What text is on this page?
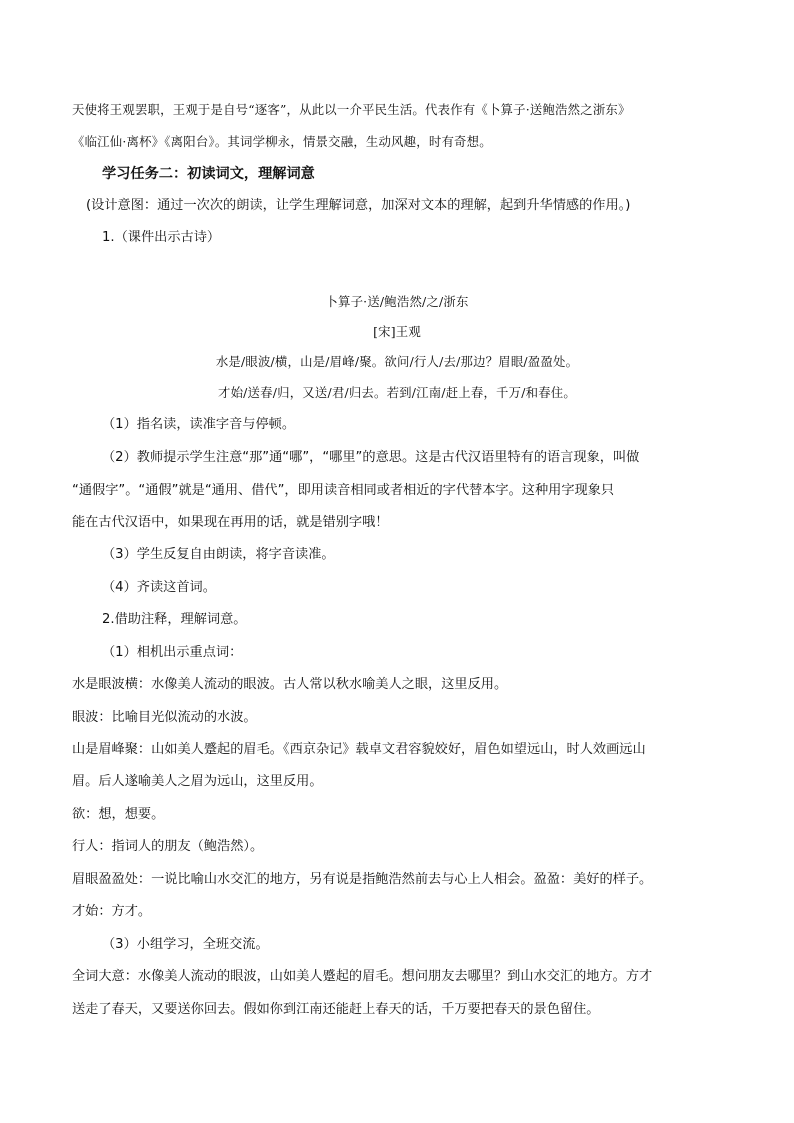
天使将王观罢职，王观于是自号“逐客”，从此以一介平民生活。代表作有《卜算子·送鲍浩然之浙东》
《临江仙·离杯》《离阳台》。其词学柳永，情景交融，生动风趣，时有奇想。
学习任务二：初读词文，理解词意
(设计意图：通过一次次的朗读，让学生理解词意，加深对文本的理解，起到升华情感的作用。)
1.（课件出示古诗）
卜算子·送/鲍浩然/之/浙东
[宋]王观
水是/眼波/横，山是/眉峰/聚。欲问/行人/去/那边？眉眼/盈盈处。
才始/送春/归，又送/君/归去。若到/江南/赶上春，千万/和春住。
（1）指名读，读准字音与停顿。
（2）教师提示学生注意“那”通“哪”，“哪里”的意思。这是古代汉语里特有的语言现象，叫做
“通假字”。“通假”就是“通用、借代”，即用读音相同或者相近的字代替本字。这种用字现象只
能在古代汉语中，如果现在再用的话，就是错别字哦！
（3）学生反复自由朗读，将字音读准。
（4）齐读这首词。
2.借助注释，理解词意。
（1）相机出示重点词：
水是眼波横：水像美人流动的眼波。古人常以秋水喻美人之眼，这里反用。
眼波：比喻目光似流动的水波。
山是眉峰聚：山如美人蹙起的眉毛。《西京杂记》载卓文君容貌姣好，眉色如望远山，时人效画远山
眉。后人遂喻美人之眉为远山，这里反用。
欲：想，想要。
行人：指词人的朋友（鲍浩然）。
眉眼盈盈处：一说比喻山水交汇的地方，另有说是指鲍浩然前去与心上人相会。盈盈：美好的样子。
才始：方才。
（3）小组学习，全班交流。
全词大意：水像美人流动的眼波，山如美人蹙起的眉毛。想问朋友去哪里？到山水交汇的地方。方才
送走了春天，又要送你回去。假如你到江南还能赶上春天的话，千万要把春天的景色留住。
